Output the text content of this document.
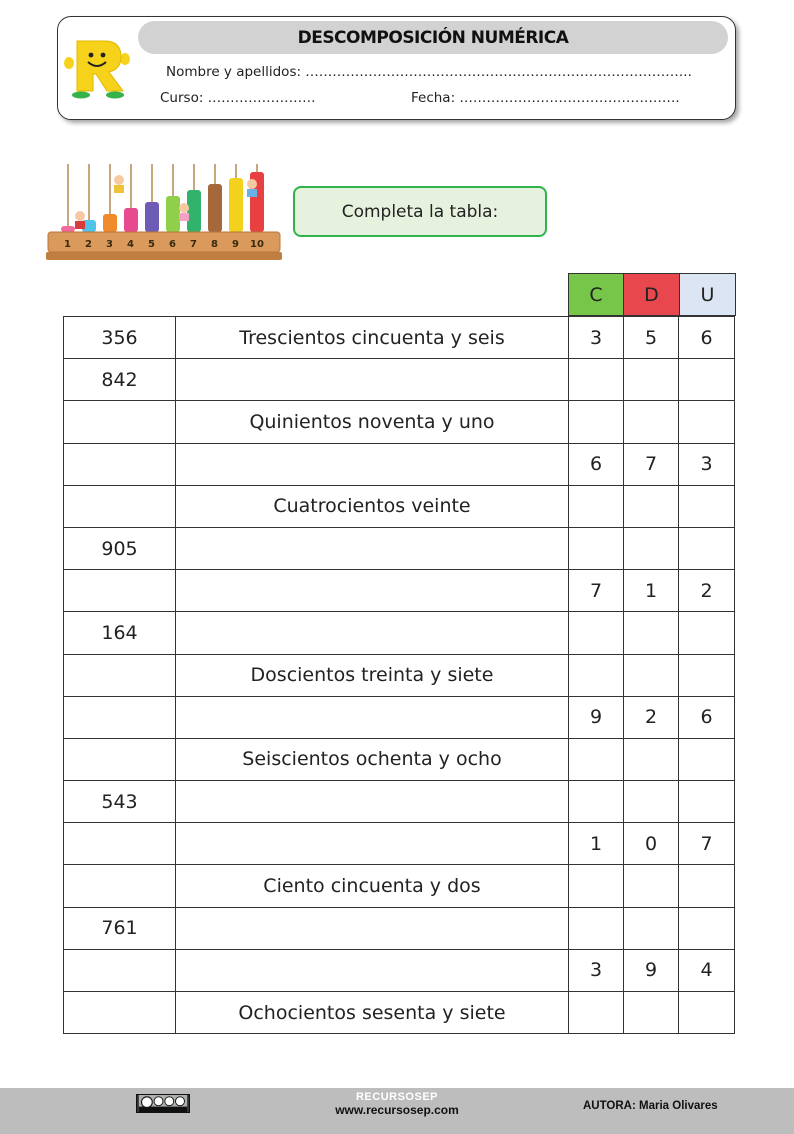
DESCOMPOSICIÓN NUMÉRICA
Nombre y apellidos: …………………………………………………………………………..
Curso: ……………………	Fecha: ………………………………………….
1 2 3 4 5 6 7 8 9 10
Completa la tabla:
C	D	U
356	Trescientos cincuenta y seis	3	5	6
842				
	Quinientos noventa y uno			
		6	7	3
	Cuatrocientos veinte			
905				
		7	1	2
164				
	Doscientos treinta y siete			
		9	2	6
	Seiscientos ochenta y ocho			
543				
		1	0	7
	Ciento cincuenta y dos			
761				
		3	9	4
	Ochocientos sesenta y siete			
RECURSOSEP
www.recursosep.com	AUTORA: Maria Olivares
